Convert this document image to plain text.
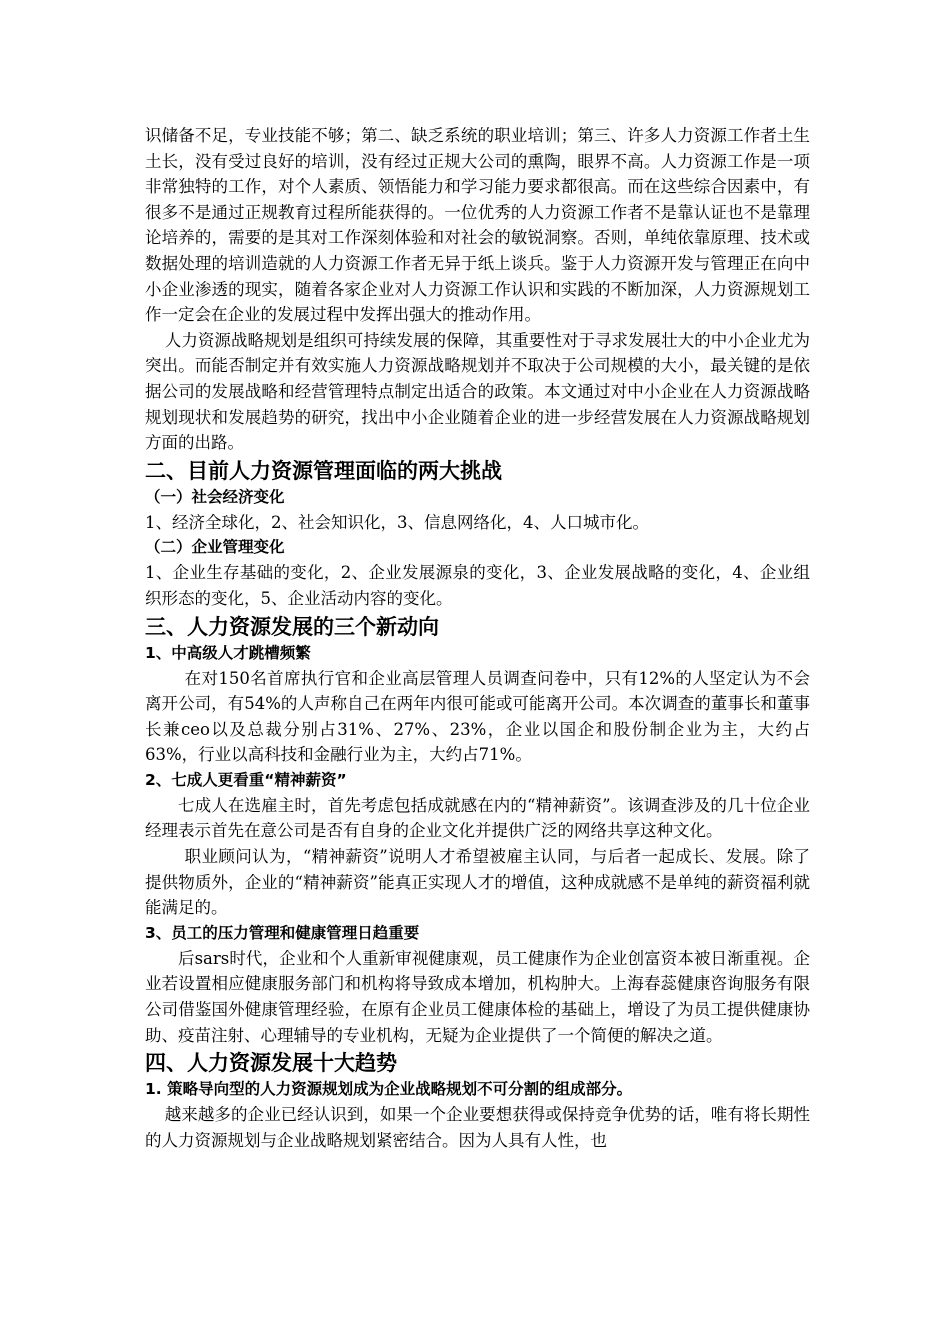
识储备不足，专业技能不够；第二、缺乏系统的职业培训；第三、许多人力资源工作者土生土长，没有受过良好的培训，没有经过正规大公司的熏陶，眼界不高。人力资源工作是一项非常独特的工作，对个人素质、领悟能力和学习能力要求都很高。而在这些综合因素中，有很多不是通过正规教育过程所能获得的。一位优秀的人力资源工作者不是靠认证也不是靠理论培养的，需要的是其对工作深刻体验和对社会的敏锐洞察。否则，单纯依靠原理、技术或数据处理的培训造就的人力资源工作者无异于纸上谈兵。鉴于人力资源开发与管理正在向中小企业渗透的现实，随着各家企业对人力资源工作认识和实践的不断加深，人力资源规划工作一定会在企业的发展过程中发挥出强大的推动作用。

人力资源战略规划是组织可持续发展的保障，其重要性对于寻求发展壮大的中小企业尤为突出。而能否制定并有效实施人力资源战略规划并不取决于公司规模的大小，最关键的是依据公司的发展战略和经营管理特点制定出适合的政策。本文通过对中小企业在人力资源战略规划现状和发展趋势的研究，找出中小企业随着企业的进一步经营发展在人力资源战略规划方面的出路。

二、目前人力资源管理面临的两大挑战
（一）社会经济变化

1、经济全球化，2、社会知识化，3、信息网络化，4、人口城市化。

（二）企业管理变化

1、企业生存基础的变化，2、企业发展源泉的变化，3、企业发展战略的变化，4、企业组织形态的变化，5、企业活动内容的变化。

三、人力资源发展的三个新动向
1、中高级人才跳槽频繁

在对150名首席执行官和企业高层管理人员调查问卷中，只有12%的人坚定认为不会离开公司，有54%的人声称自己在两年内很可能或可能离开公司。本次调查的董事长和董事长兼ceo以及总裁分别占31%、27%、23%，企业以国企和股份制企业为主，大约占63%，行业以高科技和金融行业为主，大约占71%。

2、七成人更看重“精神薪资”

七成人在选雇主时，首先考虑包括成就感在内的“精神薪资”。该调查涉及的几十位企业经理表示首先在意公司是否有自身的企业文化并提供广泛的网络共享这种文化。

职业顾问认为，“精神薪资”说明人才希望被雇主认同，与后者一起成长、发展。除了提供物质外，企业的“精神薪资”能真正实现人才的增值，这种成就感不是单纯的薪资福利就能满足的。

3、员工的压力管理和健康管理日趋重要

后sars时代，企业和个人重新审视健康观，员工健康作为企业创富资本被日渐重视。企业若设置相应健康服务部门和机构将导致成本增加，机构肿大。上海春蕊健康咨询服务有限公司借鉴国外健康管理经验，在原有企业员工健康体检的基础上，增设了为员工提供健康协助、疫苗注射、心理辅导的专业机构，无疑为企业提供了一个简便的解决之道。

四、人力资源发展十大趋势
1. 策略导向型的人力资源规划成为企业战略规划不可分割的组成部分。

越来越多的企业已经认识到，如果一个企业要想获得或保持竞争优势的话，唯有将长期性的人力资源规划与企业战略规划紧密结合。因为人具有人性，也
